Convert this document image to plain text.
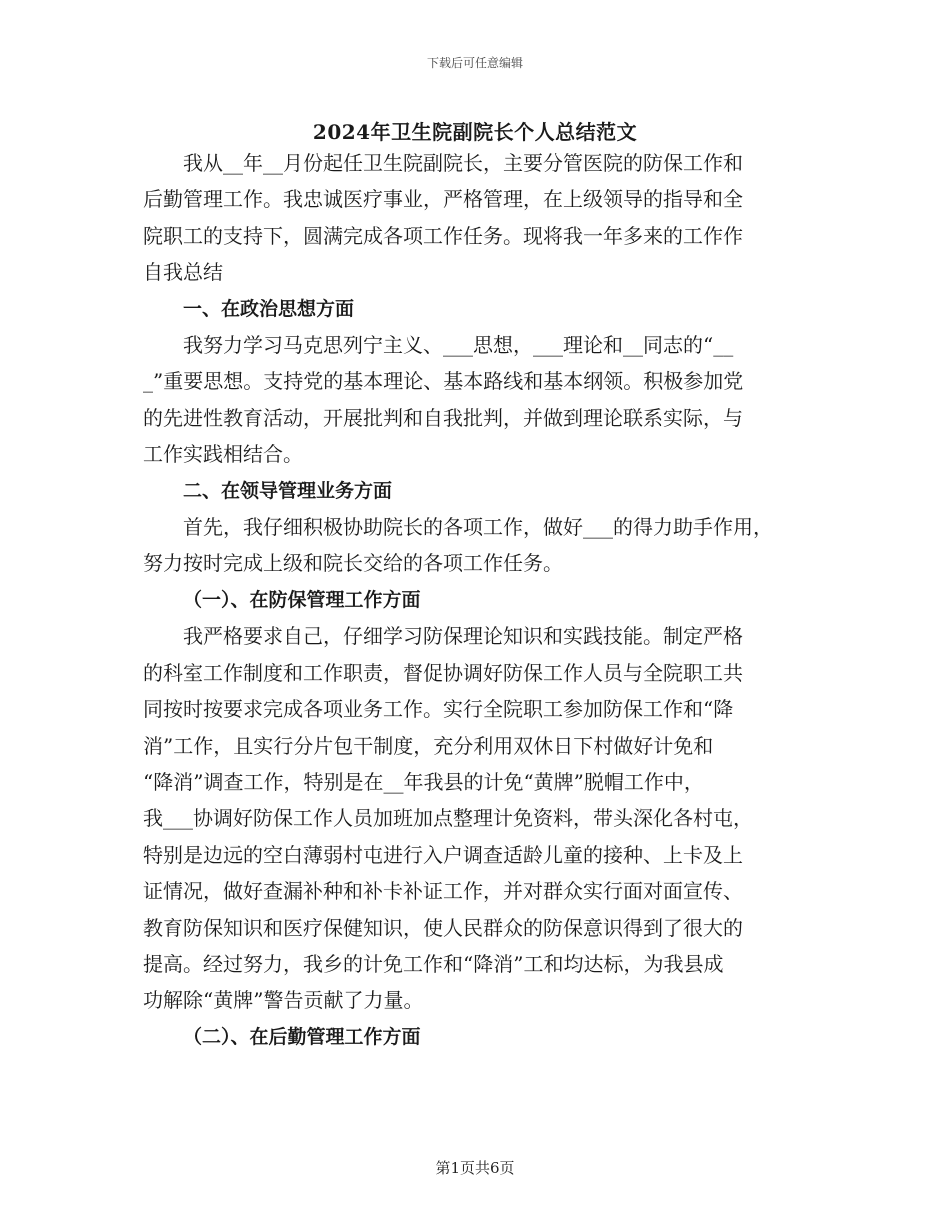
下载后可任意编辑
2024年卫生院副院长个人总结范文

我从__年__月份起任卫生院副院长，主要分管医院的防保工作和

后勤管理工作。我忠诚医疗事业，严格管理，在上级领导的指导和全

院职工的支持下，圆满完成各项工作任务。现将我一年多来的工作作

自我总结

一、在政治思想方面

我努力学习马克思列宁主义、___思想，___理论和__同志的“__

_”重要思想。支持党的基本理论、基本路线和基本纲领。积极参加党

的先进性教育活动，开展批判和自我批判，并做到理论联系实际，与

工作实践相结合。

二、在领导管理业务方面

首先，我仔细积极协助院长的各项工作，做好___的得力助手作用，

努力按时完成上级和院长交给的各项工作任务。

（一）、在防保管理工作方面

我严格要求自己，仔细学习防保理论知识和实践技能。制定严格

的科室工作制度和工作职责，督促协调好防保工作人员与全院职工共

同按时按要求完成各项业务工作。实行全院职工参加防保工作和“降

消”工作，且实行分片包干制度，充分利用双休日下村做好计免和

“降消”调查工作，特别是在__年我县的计免“黄牌”脱帽工作中，

我___协调好防保工作人员加班加点整理计免资料，带头深化各村屯，

特别是边远的空白薄弱村屯进行入户调查适龄儿童的接种、上卡及上

证情况，做好查漏补种和补卡补证工作，并对群众实行面对面宣传、

教育防保知识和医疗保健知识，使人民群众的防保意识得到了很大的

提高。经过努力，我乡的计免工作和“降消”工和均达标，为我县成

功解除“黄牌”警告贡献了力量。

（二）、在后勤管理工作方面

第1页共6页
